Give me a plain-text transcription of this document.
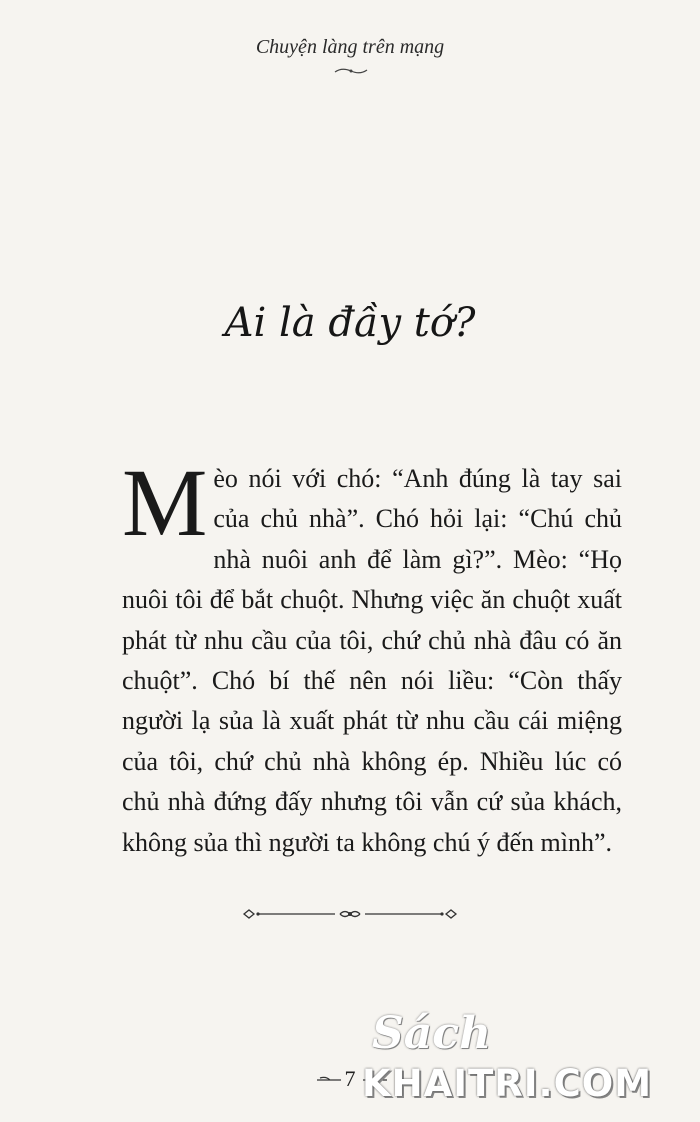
Chuyện làng trên mạng
Ai là đầy tớ?
Mèo nói với chó: “Anh đúng là tay sai của chủ nhà”. Chó hỏi lại: “Chú chủ nhà nuôi anh để làm gì?”. Mèo: “Họ nuôi tôi để bắt chuột. Nhưng việc ăn chuột xuất phát từ nhu cầu của tôi, chứ chủ nhà đâu có ăn chuột”. Chó bí thế nên nói liều: “Còn thấy người lạ sủa là xuất phát từ nhu cầu cái miệng của tôi, chứ chủ nhà không ép. Nhiều lúc có chủ nhà đứng đấy nhưng tôi vẫn cứ sủa khách, không sủa thì người ta không chú ý đến mình”.
7
Sách
KHAITRI.COM
